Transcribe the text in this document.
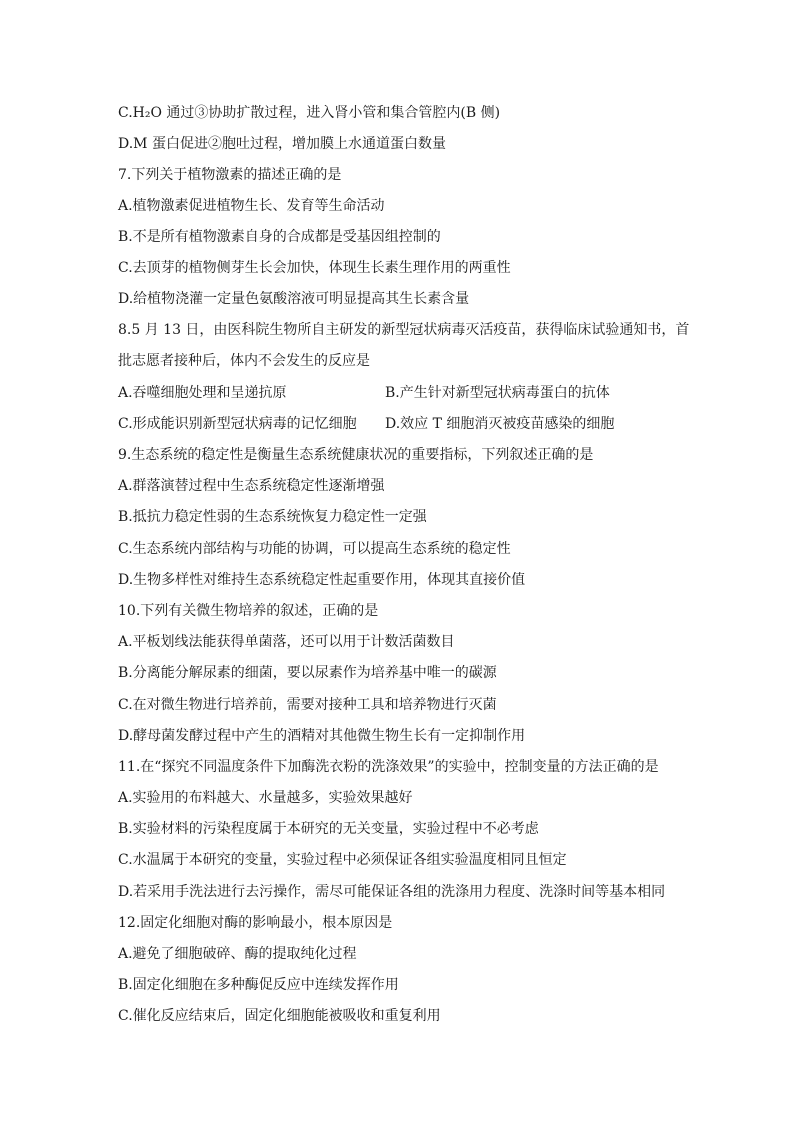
C.H₂O 通过③协助扩散过程，进入肾小管和集合管腔内(B 侧)
D.M 蛋白促进②胞吐过程，增加膜上水通道蛋白数量
7.下列关于植物激素的描述正确的是
A.植物激素促进植物生长、发育等生命活动
B.不是所有植物激素自身的合成都是受基因组控制的
C.去顶芽的植物侧芽生长会加快，体现生长素生理作用的两重性
D.给植物浇灌一定量色氨酸溶液可明显提高其生长素含量
8.5 月 13 日，由医科院生物所自主研发的新型冠状病毒灭活疫苗，获得临床试验通知书，首
批志愿者接种后，体内不会发生的反应是
A.吞噬细胞处理和呈递抗原	B.产生针对新型冠状病毒蛋白的抗体
C.形成能识别新型冠状病毒的记忆细胞 D.效应 T 细胞消灭被疫苗感染的细胞
9.生态系统的稳定性是衡量生态系统健康状况的重要指标，下列叙述正确的是
A.群落演替过程中生态系统稳定性逐渐增强
B.抵抗力稳定性弱的生态系统恢复力稳定性一定强
C.生态系统内部结构与功能的协调，可以提高生态系统的稳定性
D.生物多样性对维持生态系统稳定性起重要作用，体现其直接价值
10.下列有关微生物培养的叙述，正确的是
A.平板划线法能获得单菌落，还可以用于计数活菌数目
B.分离能分解尿素的细菌，要以尿素作为培养基中唯一的碳源
C.在对微生物进行培养前，需要对接种工具和培养物进行灭菌
D.酵母菌发酵过程中产生的酒精对其他微生物生长有一定抑制作用
11.在“探究不同温度条件下加酶洗衣粉的洗涤效果”的实验中，控制变量的方法正确的是
A.实验用的布料越大、水量越多，实验效果越好
B.实验材料的污染程度属于本研究的无关变量，实验过程中不必考虑
C.水温属于本研究的变量，实验过程中必须保证各组实验温度相同且恒定
D.若采用手洗法进行去污操作，需尽可能保证各组的洗涤用力程度、洗涤时间等基本相同
12.固定化细胞对酶的影响最小，根本原因是
A.避免了细胞破碎、酶的提取纯化过程
B.固定化细胞在多种酶促反应中连续发挥作用
C.催化反应结束后，固定化细胞能被吸收和重复利用
